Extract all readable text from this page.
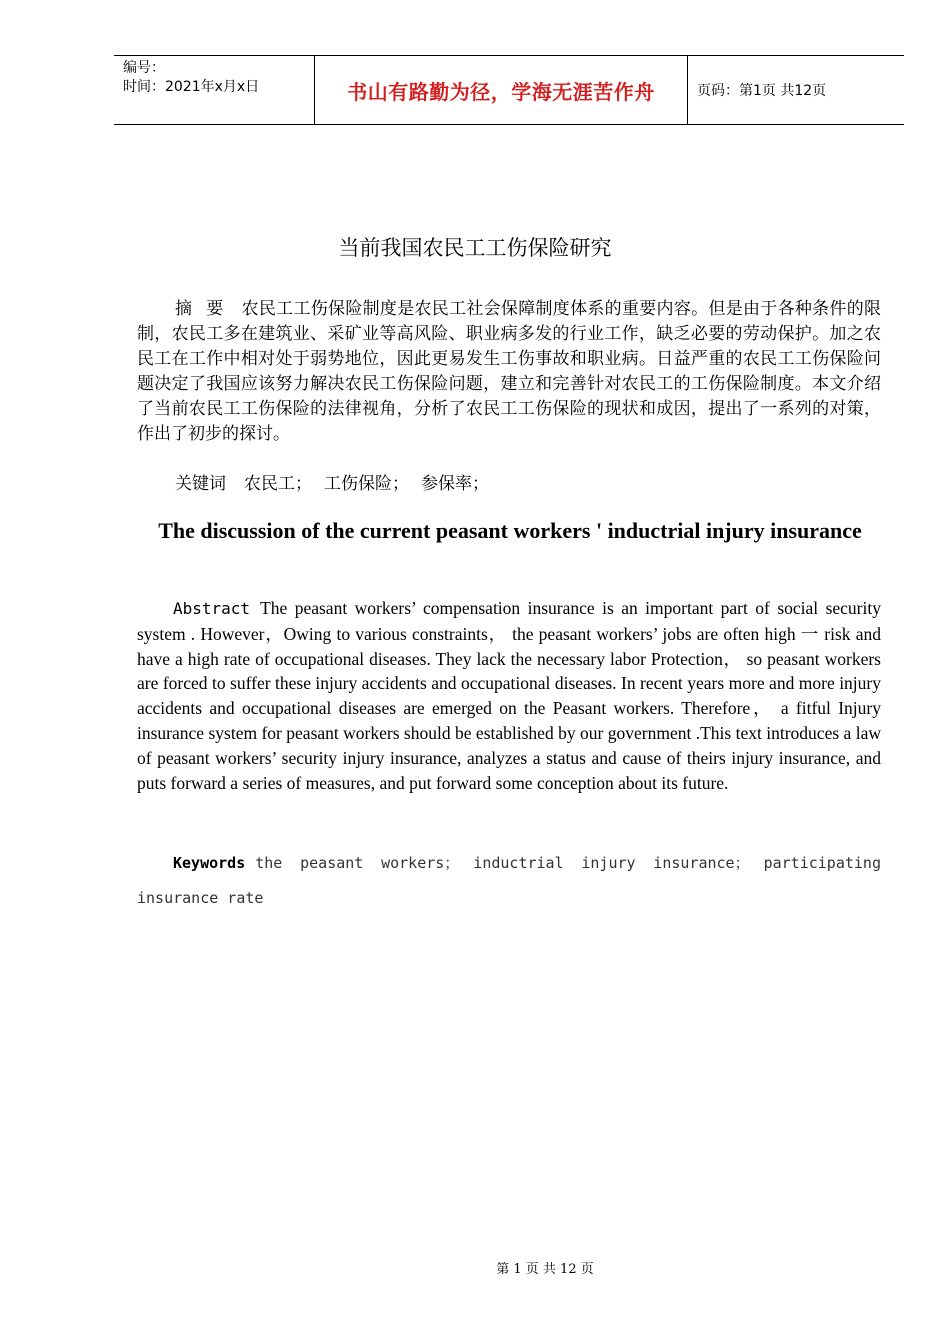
编号：
时间：2021年x月x日	书山有路勤为径，学海无涯苦作舟	页码：第1页 共12页
当前我国农民工工伤保险研究
摘要 农民工工伤保险制度是农民工社会保障制度体系的重要内容。但是由于各种条件的限制，农民工多在建筑业、采矿业等高风险、职业病多发的行业工作，缺乏必要的劳动保护。加之农民工在工作中相对处于弱势地位，因此更易发生工伤事故和职业病。日益严重的农民工工伤保险问题决定了我国应该努力解决农民工伤保险问题，建立和完善针对农民工的工伤保险制度。本文介绍了当前农民工工伤保险的法律视角，分析了农民工工伤保险的现状和成因，提出了一系列的对策，作出了初步的探讨。
关键词 农民工； 工伤保险； 参保率；
The discussion of the current peasant workers ' inductrial injury insurance
Abstract The peasant workers’ compensation insurance is an important part of social security system . However，Owing to various constraints， the peasant workers’ jobs are often high 一 risk and have a high rate of occupational diseases. They lack the necessary labor Protection， so peasant workers are forced to suffer these injury accidents and occupational diseases. In recent years more and more injury accidents and occupational diseases are emerged on the Peasant workers. Therefore， a fitful Injury insurance system for peasant workers should be established by our government .This text introduces a law of peasant workers’ security injury insurance, analyzes a status and cause of theirs injury insurance, and puts forward a series of measures, and put forward some conception about its future.
Keywords the peasant workers； inductrial injury insurance； participating insurance rate
第 1 页 共 12 页
